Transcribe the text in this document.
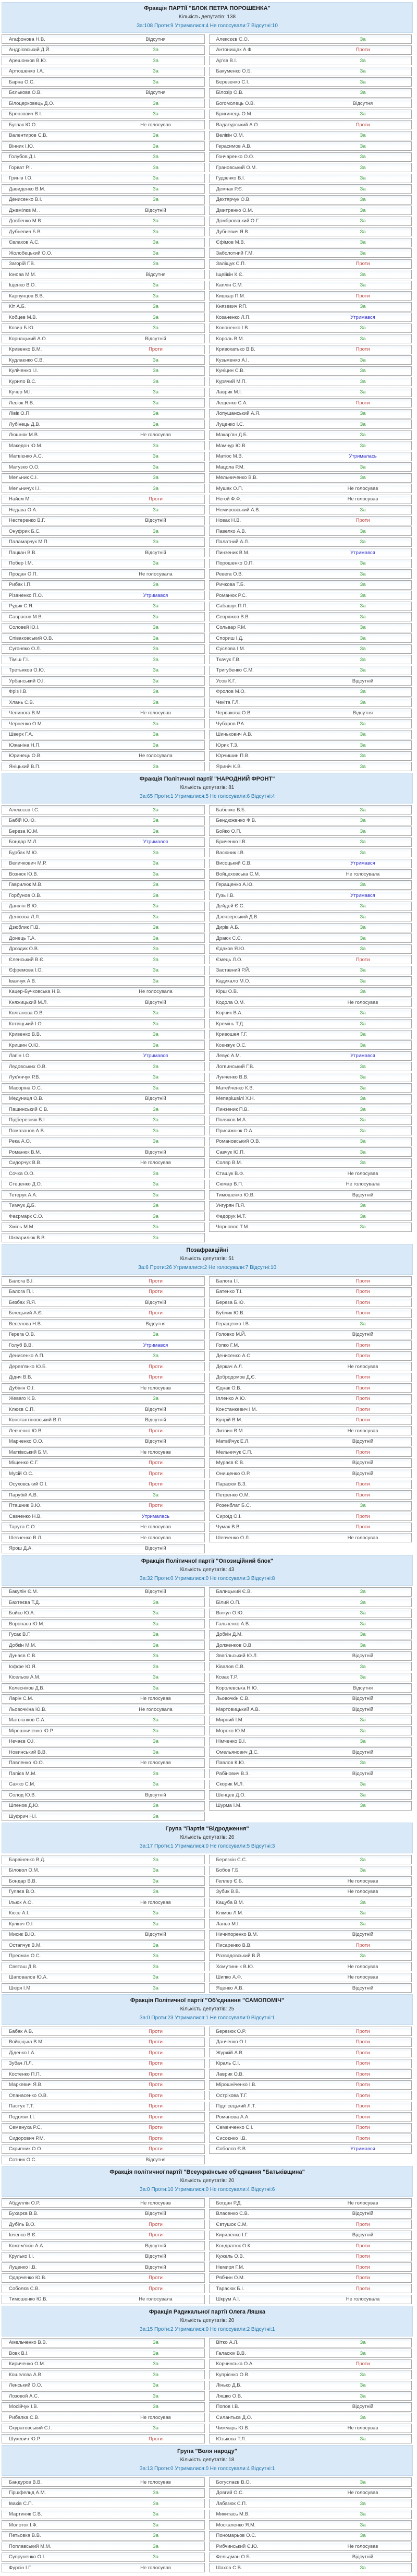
Фракція ПАРТІЇ "БЛОК ПЕТРА ПОРОШЕНКА"
Кількість депутатів: 138
За:108 Проти:9 Утрималися:4 Не голосували:7 Відсутні:10
Агафонова Н.В.	Відсутня	Алексєєв С.О.	За
Андрієвський Д.Й.	За	Антонищак А.Ф.	Проти
Арешонков В.Ю.	За	Ар'єв В.І.	За
Артюшенко І.А.	За	Бакуменко О.Б.	За
Барна О.С.	За	Березенко С.І.	За
Бєлькова О.В.	Відсутня	Білозір О.В.	За
Білоцерковець Д.О.	За	Богомолець О.В.	Відсутня
Брензович В.І.	За	Бригинець О.М.	За
Буглак Ю.О.	Не голосував	Вадатурський А.О.	Проти
Валентиров С.В.	За	Велікін О.М.	За
Вінник І.Ю.	За	Герасимов А.В.	За
Голубов Д.І.	За	Гончаренко О.О.	За
Горват Р.І.	За	Грановський О.М.	За
Гринів І.О.	За	Гудзенко В.І.	За
Давиденко В.М.	За	Демчак Р.Є.	За
Денисенко В.І.	За	Дехтярчук О.В.	За
Джемілєв М. .	Відсутній	Дмитренко О.М.	За
Довбенко М.В.	За	Домбровський О.Г.	За
Дубневич Б.В.	За	Дубневич Я.В.	За
Євлахов А.С.	За	Єфімов М.В.	За
Жолобецький О.О.	За	Заболотний Г.М.	За
Загорій Г.В.	За	Заліщук С.П.	Проти
Іонова М.М.	Відсутня	Іщейкін К.Є.	За
Іщенко В.О.	За	Каплін С.М.	За
Карпунцов В.В.	За	Кишкар П.М.	Проти
Кіт А.Б.	За	Князевич Р.П.	За
Кобцев М.В.	За	Козаченко Л.П.	Утримався
Козир Б.Ю.	За	Кононенко І.В.	За
Корнацький А.О.	Відсутній	Король В.М.	За
Кривенко В.М.	Проти	Кривохатько В.В.	Проти
Кудлаєнко С.В.	За	Кузьменко А.І.	За
Куліченко І.І.	За	Куніцин С.В.	За
Курило В.С.	За	Курячий М.П.	За
Кучер М.І.	За	Лаврик М.І.	За
Лесюк Я.В.	За	Лещенко С.А.	Проти
Лівік О.П.	За	Лопушанський А.Я.	За
Лубінець Д.В.	За	Луценко І.С.	За
Люшняк М.В.	Не голосував	Макар'ян Д.Б.	За
Македон Ю.М.	За	Мамчур Ю.В.	За
Матвієнко А.С.	За	Матіос М.В.	Утрималась
Матузко О.О.	За	Мацола Р.М.	За
Мельник С.І.	За	Мельниченко В.В.	За
Мельничук І.І.	За	Мушак О.П.	Не голосував
Найєм М. .	Проти	Негой Ф.Ф.	Не голосував
Недава О.А.	За	Немировський А.В.	За
Нестеренко В.Г.	Відсутній	Новак Н.В.	Проти
Онуфрик Б.С.	За	Павелко А.В.	За
Паламарчук М.П.	За	Палатний А.Л.	За
Пацкан В.В.	Відсутній	Пинзеник В.М.	Утримався
Побер І.М.	За	Порошенко О.П.	За
Продан О.П.	Не голосувала	Ревега О.В.	За
Рибак І.П.	За	Ричкова Т.Б.	За
Різаненко П.О.	Утримався	Романюк Р.С.	За
Рудик С.Я.	За	Сабашук П.П.	За
Саврасов М.В.	За	Севрюков В.В.	За
Соловей Ю.І.	За	Сольвар Р.М.	За
Співаковський О.В.	За	Спориш І.Д.	За
Сугоняко О.Л.	За	Суслова І.М.	За
Тіміш Г.І.	За	Ткачук Г.В.	За
Третьяков О.Ю.	За	Тригубенко С.М.	За
Урбанський О.І.	За	Усов К.Г.	Відсутній
Фріз І.В.	За	Фролов М.О.	За
Хлань С.В.	За	Чекіта Г.Л.	За
Чепинога В.М.	Не голосував	Червакова О.В.	Відсутня
Черненко О.М.	За	Чубаров Р.А.	За
Шверк Г.А.	За	Шинькович А.В.	За
Южаніна Н.П.	За	Юрик Т.З.	За
Юринець О.В.	Не голосувала	Юрчишин П.В.	За
Яніцький В.П.	За	Яриніч К.В.	За
Фракція Політичної партії "НАРОДНИЙ ФРОНТ"
Кількість депутатів: 81
За:65 Проти:1 Утрималися:5 Не голосували:6 Відсутні:4
Алексєєв І.С.	За	Бабенко В.Б.	За
Бабій Ю.Ю.	За	Бендюженко Ф.В.	За
Береза Ю.М.	За	Бойко О.П.	За
Бондар М.Л.	Утримався	Бриченко І.В.	За
Бурбак М.Ю.	За	Васюник І.В.	За
Величкович М.Р.	За	Висоцький С.В.	Утримався
Вознюк Ю.В.	За	Войцеховська С.М.	Не голосувала
Гаврилюк М.В.	За	Геращенко А.Ю.	За
Горбунов О.В.	За	Гузь І.В.	Утримався
Данілін В.Ю.	За	Дейдей Є.С.	За
Денісова Л.Л.	За	Дзензерський Д.В.	За
Дзюблик П.В.	За	Дирів А.Б.	За
Донець Т.А.	За	Драюк С.Є.	За
Дроздик О.В.	За	Єдаков Я.Ю.	За
Єленський В.Є.	За	Ємець Л.О.	Проти
Єфремова І.О.	За	Заставний Р.Й.	За
Іванчук А.В.	За	Кадикало М.О.	За
Кацер-Бучковська Н.В.	Не голосувала	Кірш О.В.	За
Княжицький М.Л.	Відсутній	Кодола О.М.	Не голосував
Колганова О.В.	За	Корчик В.А.	За
Котвіцький І.О.	За	Кремінь Т.Д.	За
Кривенко В.В.	За	Кривошея Г.Г.	За
Кришин О.Ю.	За	Ксенжук О.С.	За
Лапін І.О.	Утримався	Левус А.М.	Утримався
Ледовських О.В.	За	Логвинський Г.В.	За
Лук'янчук Р.В.	За	Лунченко В.В.	За
Масоріна О.С.	За	Матейченко К.В.	За
Медуниця О.В.	Відсутній	Мепарішвілі Х.Н.	За
Пашинський С.В.	За	Пинзеник П.В.	За
Підберезняк В.І.	За	Поляков М.А.	За
Помазанов А.В.	За	Присяжнюк О.А.	За
Река А.О.	За	Романовський О.В.	За
Романюк В.М.	Відсутній	Савчук Ю.П.	За
Сидорчук В.В.	Не голосував	Соляр В.М.	За
Сочка О.О.	За	Сташук В.Ф.	Не голосував
Стеценко Д.О.	За	Сюмар В.П.	Не голосувала
Тетерук А.А.	За	Тимошенко Ю.В.	Відсутній
Тимчук Д.Б.	За	Унгурян П.Я.	За
Фаєрмарк С.О.	За	Федорук М.Т.	За
Хміль М.М.	За	Чорновол Т.М.	За
Шкварилюк В.В.	За
Позафракційні
Кількість депутатів: 51
За:6 Проти:26 Утрималися:2 Не голосували:7 Відсутні:10
Балога В.І.	Проти	Балога І.І.	Проти
Балога П.І.	Проти	Батенко Т.І.	Проти
Безбах Я.Я.	Відсутній	Береза Б.Ю.	Проти
Білецький А.Є.	Проти	Бублик Ю.В.	Проти
Веселова Н.В.	Відсутня	Геращенко І.В.	За
Герега О.В.	За	Головко М.Й.	Відсутній
Голуб В.В.	Утримався	Гопко Г.М.	Проти
Денисенко А.П.	За	Денисенко А.С.	Проти
Дерев'янко Ю.Б.	Проти	Деркач А.Л.	Не голосував
Дідич В.В.	Проти	Добродомов Д.Є.	Проти
Дубінін О.І.	Не голосував	Єднак О.В.	Проти
Жеваго К.В.	За	Ілленко А.Ю.	Проти
Клюєв С.П.	Відсутній	Констанкевич І.М.	Проти
Константіновський В.Л.	Відсутній	Купрій В.М.	Проти
Левченко Ю.В.	Проти	Литвин В.М.	Не голосував
Марченко О.О.	Відсутній	Матвійчук Е.Л.	Відсутній
Матківський Б.М.	Не голосував	Мельничук С.П.	Проти
Міщенко С.Г.	Проти	Мураєв Є.В.	Відсутній
Мусій О.С.	Проти	Онищенко О.Р.	Відсутній
Осуховський О.І.	Проти	Парасюк В.З.	Проти
Парубій А.В.	За	Петренко О.М.	Проти
Пташник В.Ю.	Проти	Розенблат Б.С.	За
Савченко Н.В.	Утрималась	Сироїд О.І.	Проти
Тарута С.О.	Не голосував	Чумак В.В.	Проти
Шевченко В.Л.	Не голосував	Шевченко О.Л.	Не голосував
Ярош Д.А.	Відсутній
Фракція Політичної партії "Опозиційний блок"
Кількість депутатів: 43
За:32 Проти:0 Утрималися:0 Не голосували:3 Відсутні:8
Бакулін Є.М.	Відсутній	Балицький Є.В.	За
Бахтеєва Т.Д.	За	Білий О.П.	За
Бойко Ю.А.	За	Вілкул О.Ю.	За
Воропаєв Ю.М.	За	Гальченко А.В.	За
Гусак В.Г.	За	Добкін Д.М.	За
Добкін М.М.	За	Долженков О.В.	За
Дунаєв С.В.	За	Звягільський Ю.Л.	Відсутній
Іоффе Ю.Я.	За	Ківалов С.В.	За
Кісельов А.М.	За	Козак Т.Р.	За
Колєсніков Д.В.	За	Королевська Н.Ю.	Відсутня
Ларін С.М.	Не голосував	Льовочкін С.В.	Відсутній
Льовочкіна Ю.В.	Не голосувала	Мартовицький А.В.	Відсутній
Матвієнков С.А.	За	Мирний І.М.	За
Мірошниченко Ю.Р.	За	Мороко Ю.М.	За
Нечаєв О.І.	За	Німченко В.І.	За
Новинський В.В.	За	Омельянович Д.С.	Відсутній
Павленко Ю.О.	Не голосував	Павлов К.Ю.	За
Папієв М.М.	За	Рабінович В.З.	Відсутній
Сажко С.М.	За	Скорик М.Л.	За
Солод Ю.В.	Відсутній	Шенцев Д.О.	За
Шпенов Д.Ю.	За	Шурма І.М.	За
Шуфрич Н.І.	За
Група "Партія "Відродження"
Кількість депутатів: 26
За:17 Проти:1 Утрималися:0 Не голосували:5 Відсутні:3
Барвіненко В.Д.	За	Березкін С.С.	За
Біловол О.М.	За	Бобов Г.Б.	За
Бондар В.В.	За	Геллер Є.Б.	Не голосував
Гуляєв В.О.	За	Зубик В.В.	Не голосував
Ільюк А.О.	Не голосував	Кацуба В.М.	За
Кіссе А.І.	За	Клімов Л.М.	За
Кулініч О.І.	За	Ланьо М.І.	За
Мисик В.Ю.	Відсутній	Ничипоренко В.М.	Відсутній
Остапчук В.М.	За	Писаренко В.В.	Проти
Пресман О.С.	За	Развадовський В.Й.	За
Святаш Д.В.	За	Хомутиннік В.Ю.	Не голосував
Шаповалов Ю.А.	За	Шипко А.Ф.	Не голосував
Шкіря І.М.	За	Яценко А.В.	Відсутній
Фракція Політичної партії "Об'єднання "САМОПОМІЧ"
Кількість депутатів: 25
За:0 Проти:23 Утрималися:1 Не голосували:0 Відсутні:1
Бабак А.В.	Проти	Березюк О.Р.	Проти
Войціцька В.М.	Проти	Данченко О.І.	Проти
Діденко І.А.	Проти	Журжій А.В.	Проти
Зубач Л.Л.	Проти	Кіраль С.І.	Проти
Костенко П.П.	Проти	Лаврик О.В.	Проти
Маркевич Я.В.	Проти	Мірошніченко І.В.	Проти
Опанасенко О.В.	Проти	Острікова Т.Г.	Проти
Пастух Т.Т.	Проти	Підлісецький Л.Т.	Проти
Подоляк І.І.	Проти	Романова А.А.	Проти
Семенуха Р.С.	Проти	Семенченко С.І.	Проти
Сидорович Р.М.	Проти	Сисоєнко І.В.	Проти
Скрипник О.О.	Проти	Соболєв Є.В.	Утримався
Сотник О.С.	Відсутня
Фракція політичної партії "Всеукраїнське об'єднання "Батьківщина"
Кількість депутатів: 20
За:0 Проти:10 Утрималися:0 Не голосували:4 Відсутні:6
Абдуллін О.Р.	Не голосував	Богдан Р.Д.	Не голосував
Бухарєв В.В.	Відсутній	Власенко С.В.	Відсутній
Дубіль В.О.	Проти	Євтушок С.М.	Проти
Івченко В.Є.	Проти	Кириленко І.Г.	Відсутній
Кожем'якін А.А.	Відсутній	Кондратюк О.К.	Проти
Крулько І.І.	Відсутній	Кужель О.В.	Проти
Луценко І.В.	Відсутній	Немиря Г.М.	Проти
Одарченко Ю.В.	Проти	Рябчин О.М.	Проти
Соболєв С.В.	Проти	Тарасюк Б.І.	Проти
Тимошенко Ю.В.	Не голосувала	Шкрум А.І.	Не голосувала
Фракція Радикальної партії Олега Ляшка
Кількість депутатів: 20
За:15 Проти:2 Утрималися:0 Не голосували:2 Відсутні:1
Амельченко В.В.	За	Вітко А.Л.	За
Вовк В.І.	За	Галасюк В.В.	За
Кириченко О.М.	За	Корчинська О.А.	Проти
Кошелєва А.В.	За	Купрієнко О.В.	За
Ленський О.О.	За	Лінько Д.В.	За
Лозовой А.С.	За	Ляшко О.В.	За
Мосійчук І.В.	За	Попов І.В.	Відсутній
Рибалка С.В.	Не голосував	Силантьєв Д.О.	За
Скуратовський С.І.	За	Чижмарь Ю.В.	Не голосував
Шухевич Ю.Р.	Проти	Юзькова Т.Л.	За
Група "Воля народу"
Кількість депутатів: 18
За:13 Проти:0 Утрималися:0 Не голосували:4 Відсутні:1
Бандуров В.В.	Не голосував	Богуслаєв В.О.	За
Гіршфельд А.М.	За	Довгий О.С.	Не голосував
Івахів С.П.	За	Лабазюк С.П.	За
Мартиняк С.В.	За	Микитась М.В.	За
Молоток І.Ф.	За	Москаленко Я.М.	За
Петьовка В.В.	За	Пономарьов О.С.	За
Поплавський М.М.	За	Рибчинський Є.Ю.	Не голосував
Супруненко О.І.	За	Фельдман О.Б.	Відсутній
Фурсін І.Г.	Не голосував	Шахов С.В.	За
